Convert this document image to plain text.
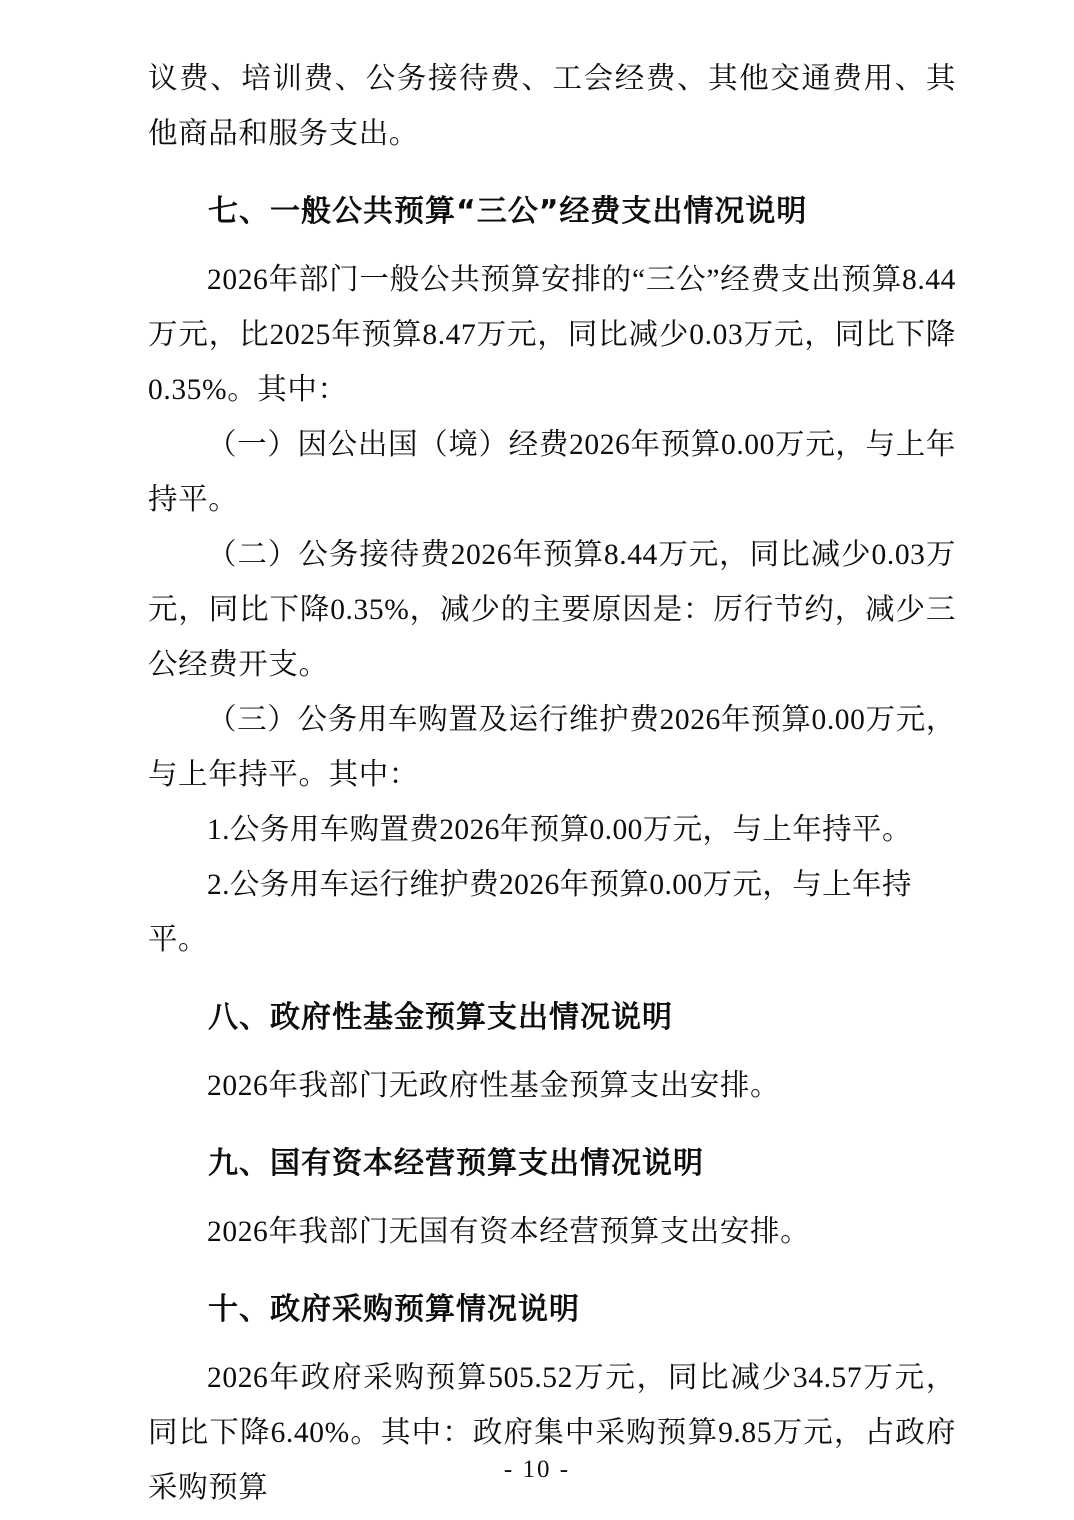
议费、培训费、公务接待费、工会经费、其他交通费用、其他商品和服务支出。

七、一般公共预算“三公”经费支出情况说明

2026年部门一般公共预算安排的“三公”经费支出预算8.44万元，比2025年预算8.47万元，同比减少0.03万元，同比下降0.35%。其中：

（一）因公出国（境）经费2026年预算0.00万元，与上年持平。

（二）公务接待费2026年预算8.44万元，同比减少0.03万元，同比下降0.35%，减少的主要原因是：厉行节约，减少三公经费开支。

（三）公务用车购置及运行维护费2026年预算0.00万元，与上年持平。其中：

1.公务用车购置费2026年预算0.00万元，与上年持平。

2.公务用车运行维护费2026年预算0.00万元，与上年持平。

八、政府性基金预算支出情况说明

2026年我部门无政府性基金预算支出安排。

九、国有资本经营预算支出情况说明

2026年我部门无国有资本经营预算支出安排。

十、政府采购预算情况说明

2026年政府采购预算505.52万元，同比减少34.57万元，同比下降6.40%。其中：政府集中采购预算9.85万元，占政府采购预算

- 10 -
